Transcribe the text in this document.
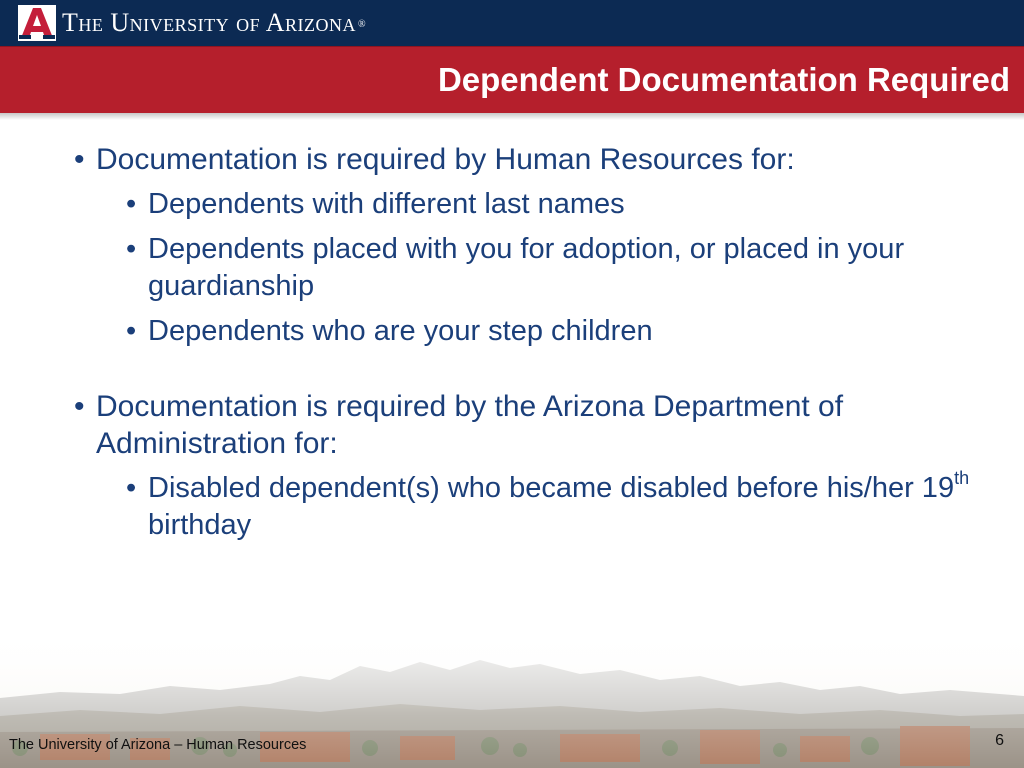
The University of Arizona ®
Dependent Documentation Required

• Documentation is required by Human Resources for:

• Dependents with different last names

• Dependents placed with you for adoption, or placed in your guardianship

• Dependents who are your step children

• Documentation is required by the Arizona Department of Administration for:

• Disabled dependent(s) who became disabled before his/her 19th birthday

The University of Arizona – Human Resources	6
